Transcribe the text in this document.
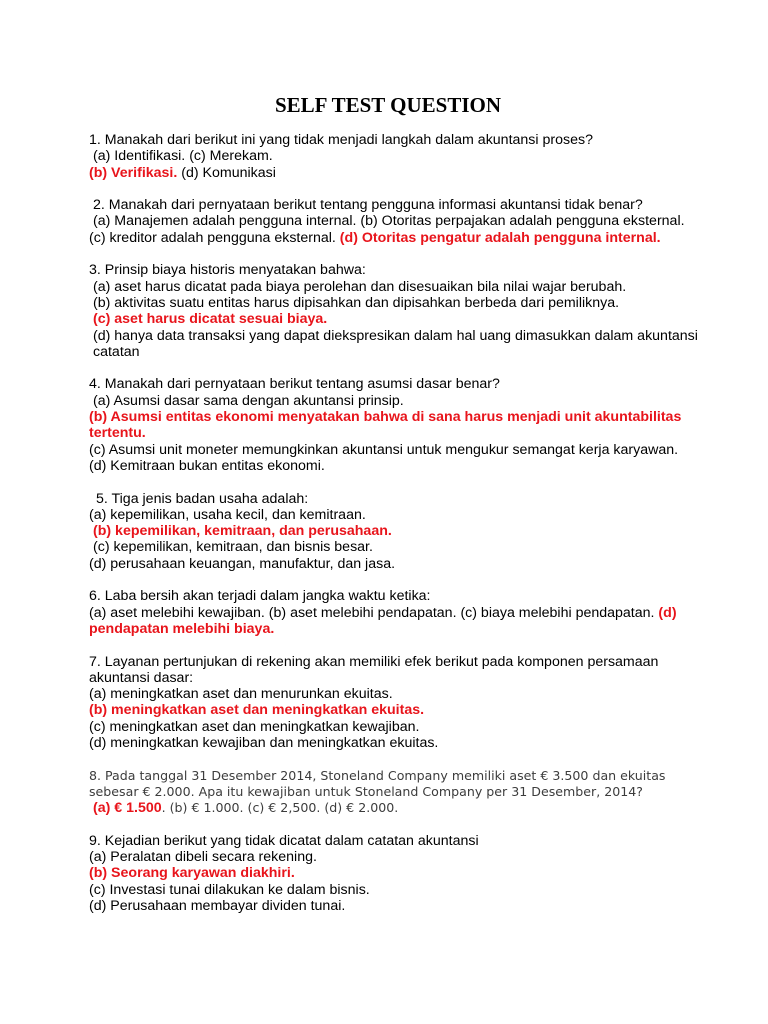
SELF TEST QUESTION

1. Manakah dari berikut ini yang tidak menjadi langkah dalam akuntansi proses?

(a) Identifikasi. (c) Merekam.

(b) Verifikasi. (d) Komunikasi

2. Manakah dari pernyataan berikut tentang pengguna informasi akuntansi tidak benar?

(a) Manajemen adalah pengguna internal. (b) Otoritas perpajakan adalah pengguna eksternal.

(c) kreditor adalah pengguna eksternal. (d) Otoritas pengatur adalah pengguna internal.

3. Prinsip biaya historis menyatakan bahwa:

(a) aset harus dicatat pada biaya perolehan dan disesuaikan bila nilai wajar berubah.

(b) aktivitas suatu entitas harus dipisahkan dan dipisahkan berbeda dari pemiliknya.

(c) aset harus dicatat sesuai biaya.

(d) hanya data transaksi yang dapat diekspresikan dalam hal uang dimasukkan dalam akuntansi catatan

4. Manakah dari pernyataan berikut tentang asumsi dasar benar?

(a) Asumsi dasar sama dengan akuntansi prinsip.

(b) Asumsi entitas ekonomi menyatakan bahwa di sana harus menjadi unit akuntabilitas tertentu.

(c) Asumsi unit moneter memungkinkan akuntansi untuk mengukur semangat kerja karyawan.

(d) Kemitraan bukan entitas ekonomi.

5. Tiga jenis badan usaha adalah:

(a) kepemilikan, usaha kecil, dan kemitraan.

(b) kepemilikan, kemitraan, dan perusahaan.

(c) kepemilikan, kemitraan, dan bisnis besar.

(d) perusahaan keuangan, manufaktur, dan jasa.

6. Laba bersih akan terjadi dalam jangka waktu ketika:

(a) aset melebihi kewajiban. (b) aset melebihi pendapatan. (c) biaya melebihi pendapatan. (d) pendapatan melebihi biaya.

7. Layanan pertunjukan di rekening akan memiliki efek berikut pada komponen persamaan akuntansi dasar:

(a) meningkatkan aset dan menurunkan ekuitas.

(b) meningkatkan aset dan meningkatkan ekuitas.

(c) meningkatkan aset dan meningkatkan kewajiban.

(d) meningkatkan kewajiban dan meningkatkan ekuitas.

8. Pada tanggal 31 Desember 2014, Stoneland Company memiliki aset € 3.500 dan ekuitas sebesar € 2.000. Apa itu kewajiban untuk Stoneland Company per 31 Desember, 2014?

(a) € 1.500. (b) € 1.000. (c) € 2,500. (d) € 2.000.

9. Kejadian berikut yang tidak dicatat dalam catatan akuntansi

(a) Peralatan dibeli secara rekening.

(b) Seorang karyawan diakhiri.

(c) Investasi tunai dilakukan ke dalam bisnis.

(d) Perusahaan membayar dividen tunai.
